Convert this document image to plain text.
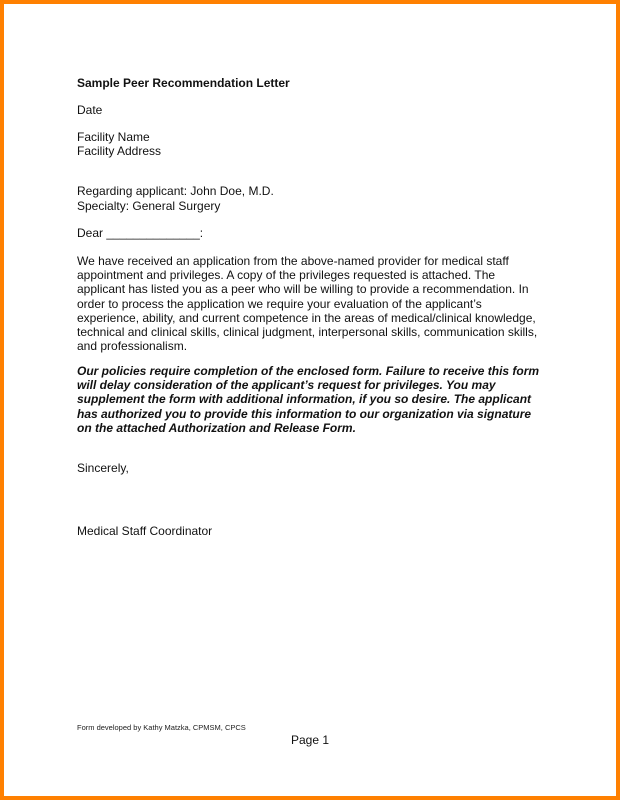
Sample Peer Recommendation Letter
Date
Facility Name
Facility Address
Regarding applicant: John Doe, M.D.
Specialty: General Surgery
Dear ______________:
We have received an application from the above-named provider for medical staff
appointment and privileges. A copy of the privileges requested is attached. The
applicant has listed you as a peer who will be willing to provide a recommendation. In
order to process the application we require your evaluation of the applicant’s
experience, ability, and current competence in the areas of medical/clinical knowledge,
technical and clinical skills, clinical judgment, interpersonal skills, communication skills,
and professionalism.
Our policies require completion of the enclosed form. Failure to receive this form
will delay consideration of the applicant’s request for privileges. You may
supplement the form with additional information, if you so desire. The applicant
has authorized you to provide this information to our organization via signature
on the attached Authorization and Release Form.
Sincerely,
Medical Staff Coordinator
Form developed by Kathy Matzka, CPMSM, CPCS
Page 1
